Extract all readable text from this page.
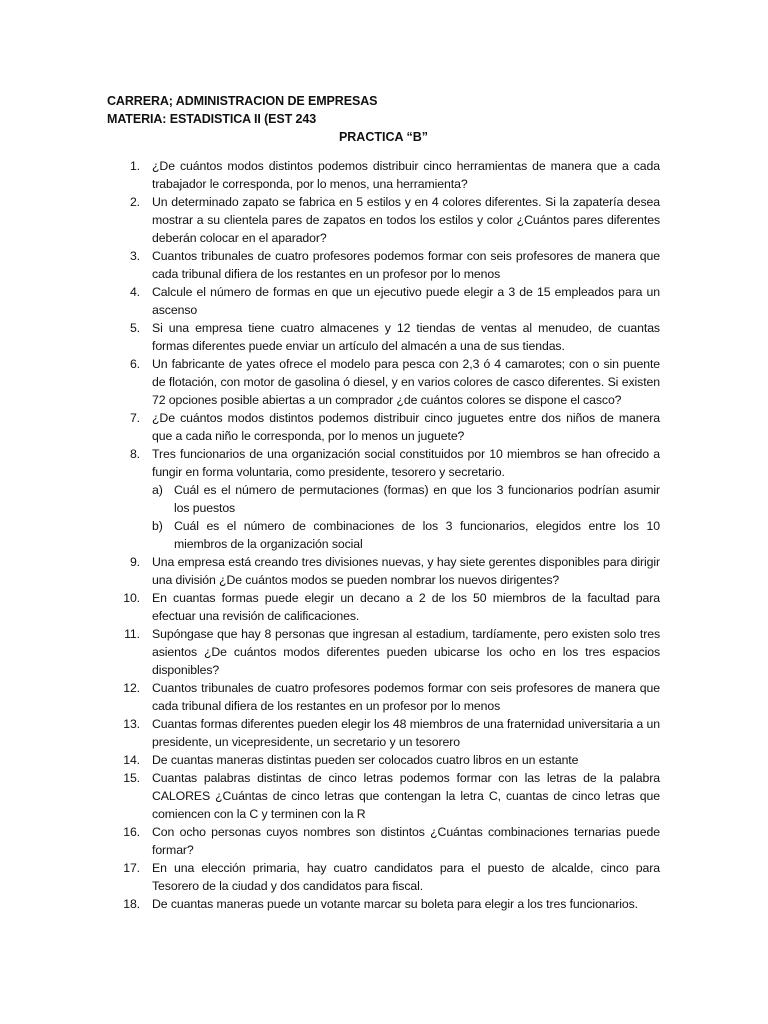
CARRERA; ADMINISTRACION DE EMPRESAS

MATERIA: ESTADISTICA II (EST 243

PRACTICA “B”
1. ¿De cuántos modos distintos podemos distribuir cinco herramientas de manera que a cada trabajador le corresponda, por lo menos, una herramienta?
2. Un determinado zapato se fabrica en 5 estilos y en 4 colores diferentes. Si la zapatería desea mostrar a su clientela pares de zapatos en todos los estilos y color ¿Cuántos pares diferentes deberán colocar en el aparador?
3. Cuantos tribunales de cuatro profesores podemos formar con seis profesores de manera que cada tribunal difiera de los restantes en un profesor por lo menos
4. Calcule el número de formas en que un ejecutivo puede elegir a 3 de 15 empleados para un ascenso
5. Si una empresa tiene cuatro almacenes y 12 tiendas de ventas al menudeo, de cuantas formas diferentes puede enviar un artículo del almacén a una de sus tiendas.
6. Un fabricante de yates ofrece el modelo para pesca con 2,3 ó 4 camarotes; con o sin puente de flotación, con motor de gasolina ó diesel, y en varios colores de casco diferentes. Si existen 72 opciones posible abiertas a un comprador ¿de cuántos colores se dispone el casco?
7. ¿De cuántos modos distintos podemos distribuir cinco juguetes entre dos niños de manera que a cada niño le corresponda, por lo menos un juguete?
8. Tres funcionarios de una organización social constituidos por 10 miembros se han ofrecido a fungir en forma voluntaria, como presidente, tesorero y secretario.
a) Cuál es el número de permutaciones (formas) en que los 3 funcionarios podrían asumir los puestos
b) Cuál es el número de combinaciones de los 3 funcionarios, elegidos entre los 10 miembros de la organización social
9. Una empresa está creando tres divisiones nuevas, y hay siete gerentes disponibles para dirigir una división ¿De cuántos modos se pueden nombrar los nuevos dirigentes?
10. En cuantas formas puede elegir un decano a 2 de los 50 miembros de la facultad para efectuar una revisión de calificaciones.
11. Supóngase que hay 8 personas que ingresan al estadium, tardíamente, pero existen solo tres asientos ¿De cuántos modos diferentes pueden ubicarse los ocho en los tres espacios disponibles?
12. Cuantos tribunales de cuatro profesores podemos formar con seis profesores de manera que cada tribunal difiera de los restantes en un profesor por lo menos
13. Cuantas formas diferentes pueden elegir los 48 miembros de una fraternidad universitaria a un presidente, un vicepresidente, un secretario y un tesorero
14. De cuantas maneras distintas pueden ser colocados cuatro libros en un estante
15. Cuantas palabras distintas de cinco letras podemos formar con las letras de la palabra CALORES ¿Cuántas de cinco letras que contengan la letra C, cuantas de cinco letras que comiencen con la C y terminen con la R
16. Con ocho personas cuyos nombres son distintos ¿Cuántas combinaciones ternarias puede formar?
17. En una elección primaria, hay cuatro candidatos para el puesto de alcalde, cinco para Tesorero de la ciudad y dos candidatos para fiscal.
18. De cuantas maneras puede un votante marcar su boleta para elegir a los tres funcionarios.
